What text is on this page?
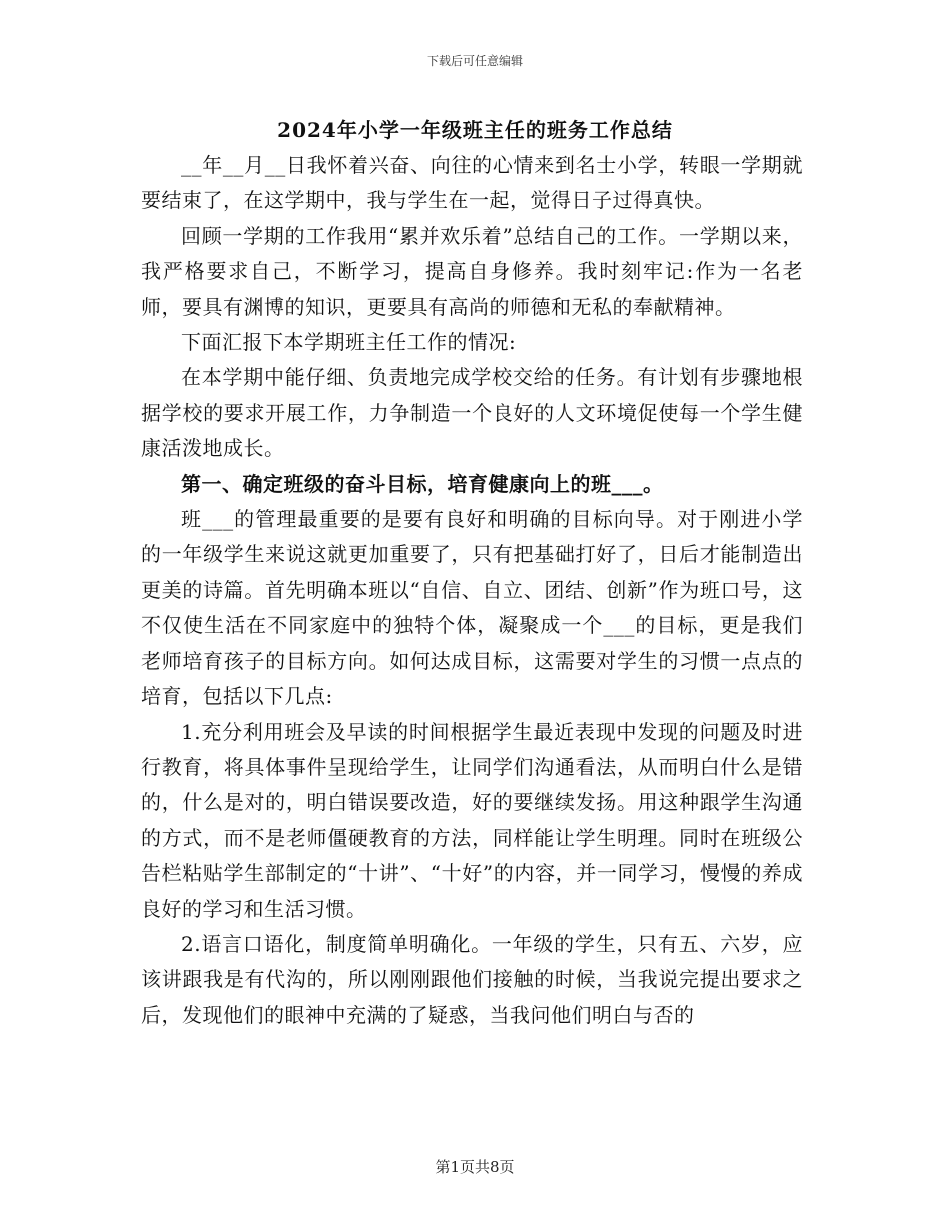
下载后可任意编辑
2024年小学一年级班主任的班务工作总结

__年__月__日我怀着兴奋、向往的心情来到名士小学，转眼一学期就要结束了，在这学期中，我与学生在一起，觉得日子过得真快。

回顾一学期的工作我用“累并欢乐着”总结自己的工作。一学期以来，我严格要求自己，不断学习，提高自身修养。我时刻牢记:作为一名老师，要具有渊博的知识，更要具有高尚的师德和无私的奉献精神。

下面汇报下本学期班主任工作的情况:

在本学期中能仔细、负责地完成学校交给的任务。有计划有步骤地根据学校的要求开展工作，力争制造一个良好的人文环境促使每一个学生健康活泼地成长。

第一、确定班级的奋斗目标，培育健康向上的班___。

班___的管理最重要的是要有良好和明确的目标向导。对于刚进小学的一年级学生来说这就更加重要了，只有把基础打好了，日后才能制造出更美的诗篇。首先明确本班以“自信、自立、团结、创新”作为班口号，这不仅使生活在不同家庭中的独特个体，凝聚成一个___的目标，更是我们老师培育孩子的目标方向。如何达成目标，这需要对学生的习惯一点点的培育，包括以下几点:

1.充分利用班会及早读的时间根据学生最近表现中发现的问题及时进行教育，将具体事件呈现给学生，让同学们沟通看法，从而明白什么是错的，什么是对的，明白错误要改造，好的要继续发扬。用这种跟学生沟通的方式，而不是老师僵硬教育的方法，同样能让学生明理。同时在班级公告栏粘贴学生部制定的“十讲”、“十好”的内容，并一同学习，慢慢的养成良好的学习和生活习惯。

2.语言口语化，制度简单明确化。一年级的学生，只有五、六岁，应该讲跟我是有代沟的，所以刚刚跟他们接触的时候，当我说完提出要求之后，发现他们的眼神中充满的了疑惑，当我问他们明白与否的

第1页共8页
